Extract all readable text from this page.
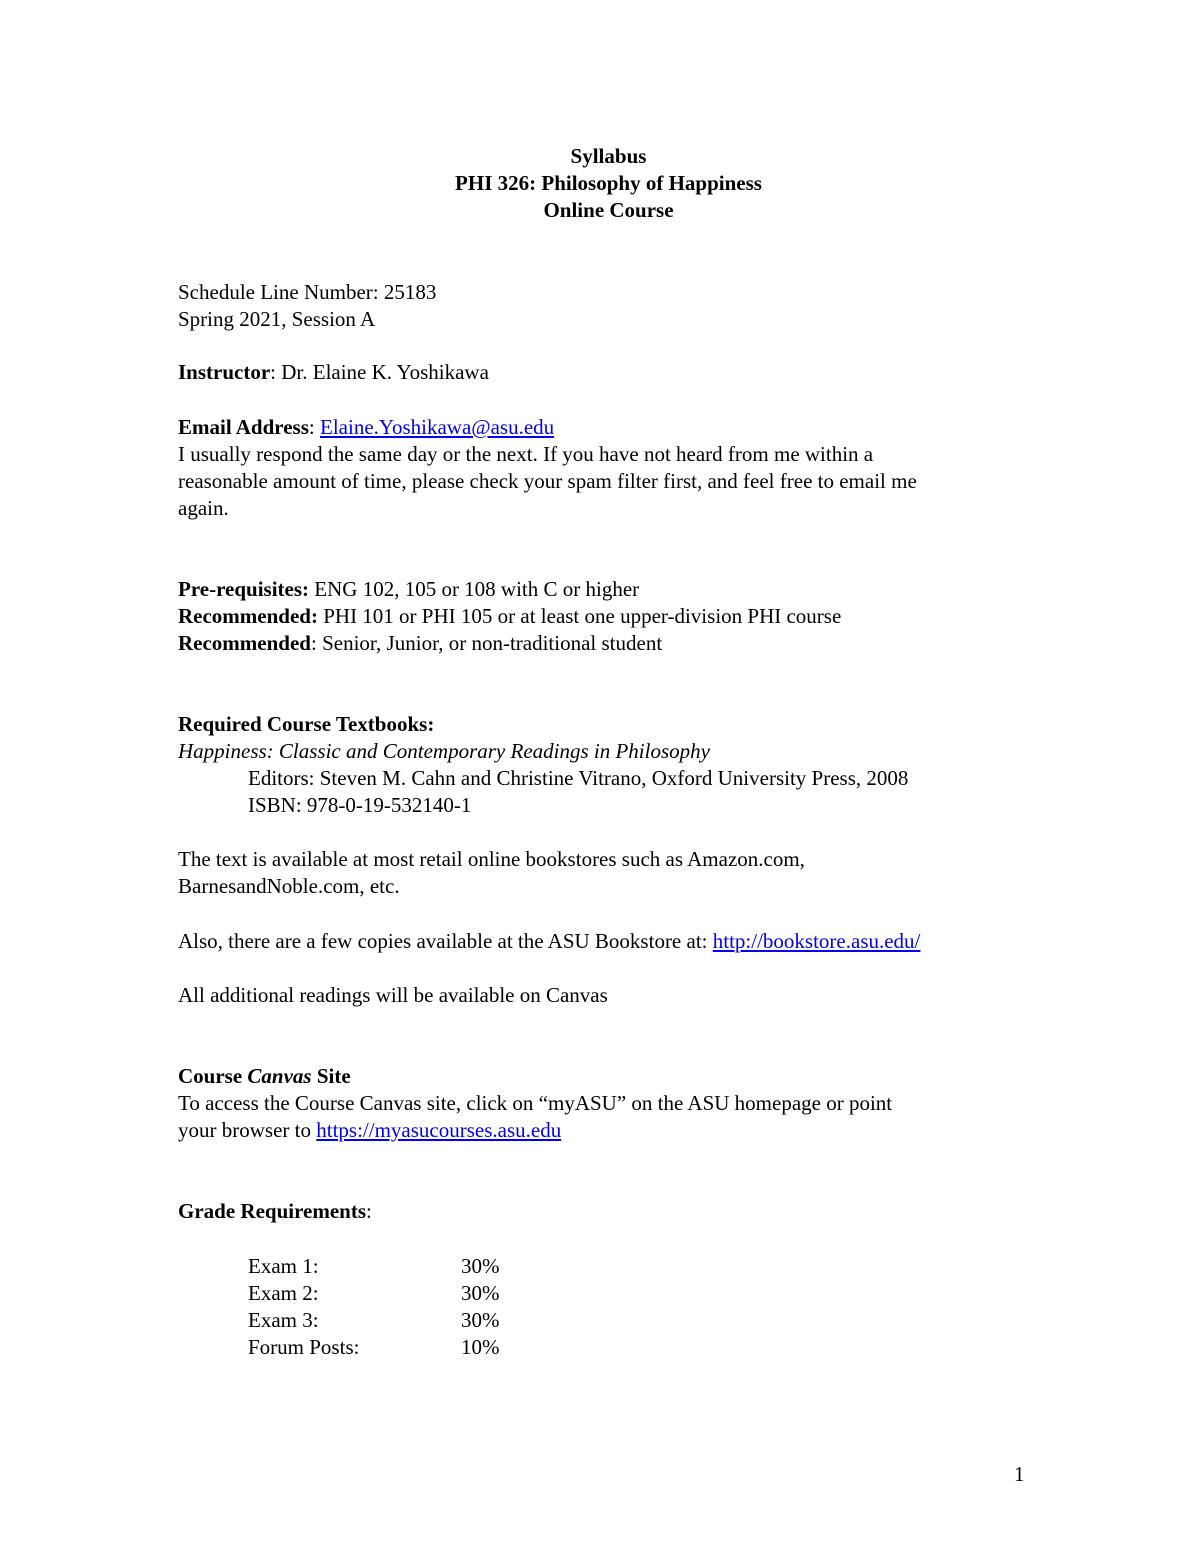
Syllabus
PHI 326: Philosophy of Happiness
Online Course
Schedule Line Number: 25183
Spring 2021, Session A
Instructor: Dr. Elaine K. Yoshikawa
Email Address: Elaine.Yoshikawa@asu.edu
I usually respond the same day or the next. If you have not heard from me within a
reasonable amount of time, please check your spam filter first, and feel free to email me
again.
Pre-requisites: ENG 102, 105 or 108 with C or higher
Recommended: PHI 101 or PHI 105 or at least one upper-division PHI course
Recommended: Senior, Junior, or non-traditional student
Required Course Textbooks:
Happiness: Classic and Contemporary Readings in Philosophy
Editors: Steven M. Cahn and Christine Vitrano, Oxford University Press, 2008
ISBN: 978-0-19-532140-1
The text is available at most retail online bookstores such as Amazon.com,
BarnesandNoble.com, etc.
Also, there are a few copies available at the ASU Bookstore at: http://bookstore.asu.edu/
All additional readings will be available on Canvas
Course Canvas Site
To access the Course Canvas site, click on “myASU” on the ASU homepage or point
your browser to https://myasucourses.asu.edu
Grade Requirements:
Exam 1:	30%
Exam 2:	30%
Exam 3:	30%
Forum Posts:	10%
1
